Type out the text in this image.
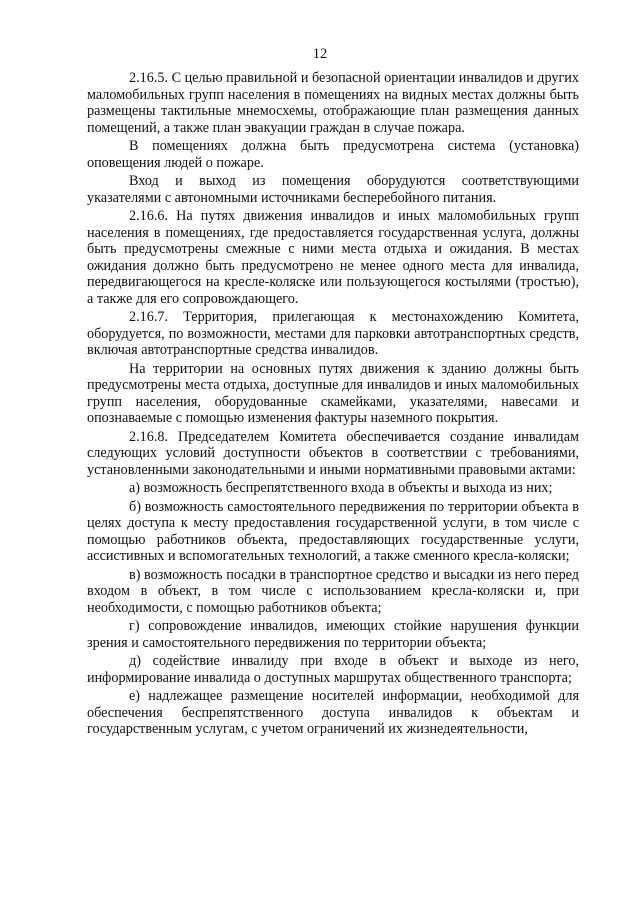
12

2.16.5. С целью правильной и безопасной ориентации инвалидов и других маломобильных групп населения в помещениях на видных местах должны быть размещены тактильные мнемосхемы, отображающие план размещения данных помещений, а также план эвакуации граждан в случае пожара.

В помещениях должна быть предусмотрена система (установка) оповещения людей о пожаре.

Вход и выход из помещения оборудуются соответствующими указателями с автономными источниками бесперебойного питания.

2.16.6. На путях движения инвалидов и иных маломобильных групп населения в помещениях, где предоставляется государственная услуга, должны быть предусмотрены смежные с ними места отдыха и ожидания. В местах ожидания должно быть предусмотрено не менее одного места для инвалида, передвигающегося на кресле-коляске или пользующегося костылями (тростью), а также для его сопровождающего.

2.16.7. Территория, прилегающая к местонахождению Комитета, оборудуется, по возможности, местами для парковки автотранспортных средств, включая автотранспортные средства инвалидов.

На территории на основных путях движения к зданию должны быть предусмотрены места отдыха, доступные для инвалидов и иных маломобильных групп населения, оборудованные скамейками, указателями, навесами и опознаваемые с помощью изменения фактуры наземного покрытия.

2.16.8. Председателем Комитета обеспечивается создание инвалидам следующих условий доступности объектов в соответствии с требованиями, установленными законодательными и иными нормативными правовыми актами:

а) возможность беспрепятственного входа в объекты и выхода из них;

б) возможность самостоятельного передвижения по территории объекта в целях доступа к месту предоставления государственной услуги, в том числе с помощью работников объекта, предоставляющих государственные услуги, ассистивных и вспомогательных технологий, а также сменного кресла-коляски;

в) возможность посадки в транспортное средство и высадки из него перед входом в объект, в том числе с использованием кресла-коляски и, при необходимости, с помощью работников объекта;

г) сопровождение инвалидов, имеющих стойкие нарушения функции зрения и самостоятельного передвижения по территории объекта;

д) содействие инвалиду при входе в объект и выходе из него, информирование инвалида о доступных маршрутах общественного транспорта;

е) надлежащее размещение носителей информации, необходимой для обеспечения беспрепятственного доступа инвалидов к объектам и государственным услугам, с учетом ограничений их жизнедеятельности,
